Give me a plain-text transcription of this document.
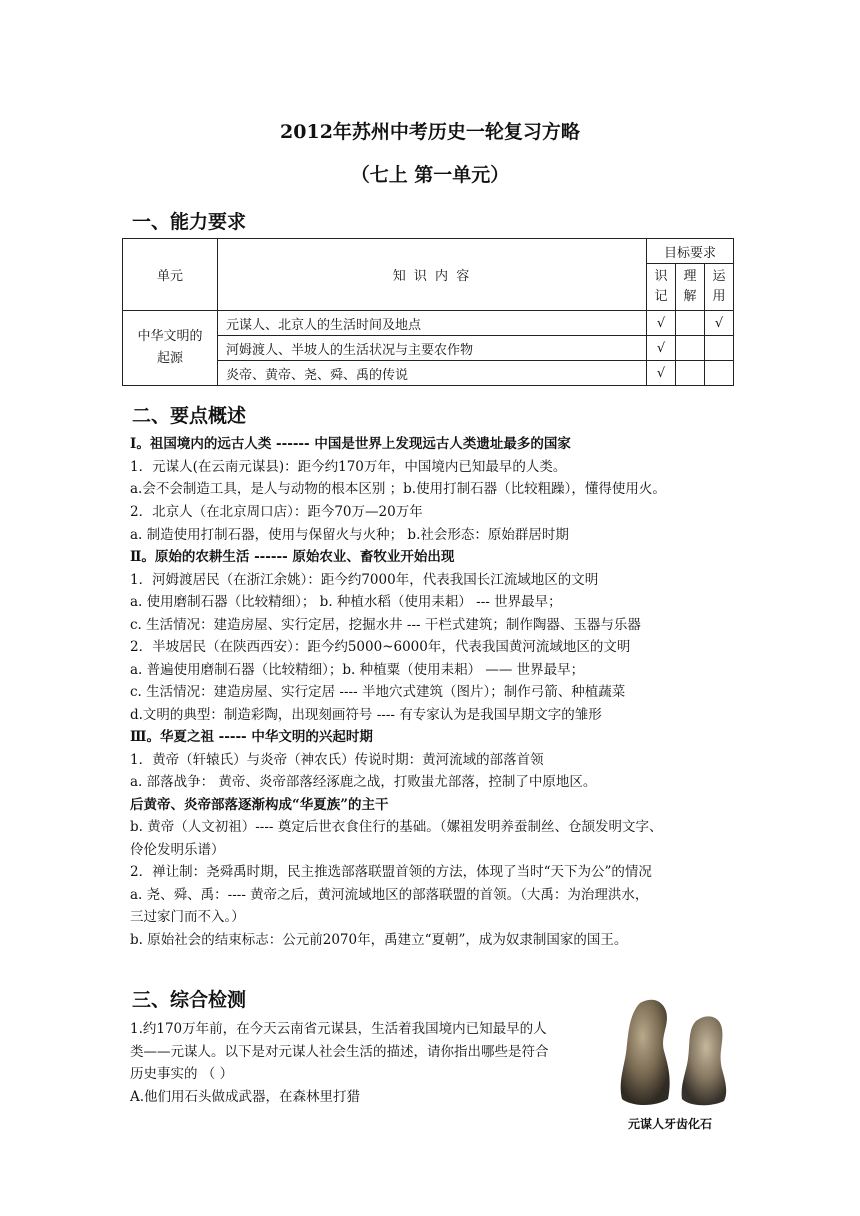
2012年苏州中考历史一轮复习方略
（七上 第一单元）
一、能力要求
单元	知 识 内 容	目标要求		
		识记	理解	运用
中华文明的起源	元谋人、北京人的生活时间及地点	√		√
	河姆渡人、半坡人的生活状况与主要农作物	√		
	炎帝、黄帝、尧、舜、禹的传说	√		
二、要点概述
Ⅰ。祖国境内的远古人类 ------ 中国是世界上发现远古人类遗址最多的国家
1．元谋人(在云南元谋县)：距今约170万年，中国境内已知最早的人类。
a.会不会制造工具，是人与动物的根本区别 ；b.使用打制石器（比较粗躁），懂得使用火。
2．北京人（在北京周口店）：距今70万—20万年
a. 制造使用打制石器，使用与保留火与火种； b.社会形态：原始群居时期
Ⅱ。原始的农耕生活 ------ 原始农业、畜牧业开始出现
1．河姆渡居民（在浙江余姚）：距今约7000年，代表我国长江流域地区的文明
a. 使用磨制石器（比较精细）； b. 种植水稻（使用耒耜） --- 世界最早；
c. 生活情况：建造房屋、实行定居，挖掘水井 --- 干栏式建筑；制作陶器、玉器与乐器
2．半坡居民（在陕西西安）：距今约5000~6000年，代表我国黄河流域地区的文明
a. 普遍使用磨制石器（比较精细）；b. 种植粟（使用耒耜） —— 世界最早；
c. 生活情况：建造房屋、实行定居 ---- 半地穴式建筑（图片）；制作弓箭、种植蔬菜
d.文明的典型：制造彩陶，出现刻画符号 ---- 有专家认为是我国早期文字的雏形
Ⅲ。华夏之祖 ----- 中华文明的兴起时期
1．黄帝（轩辕氏）与炎帝（神农氏）传说时期：黄河流域的部落首领
a. 部落战争： 黄帝、炎帝部落经涿鹿之战，打败蚩尤部落，控制了中原地区。
后黄帝、炎帝部落逐渐构成“华夏族”的主干
b. 黄帝（人文初祖）---- 奠定后世衣食住行的基础。（嫘祖发明养蚕制丝、仓颉发明文字、
伶伦发明乐谱）
2．禅让制：尧舜禹时期，民主推选部落联盟首领的方法，体现了当时“天下为公”的情况
a. 尧、舜、禹：---- 黄帝之后，黄河流域地区的部落联盟的首领。（大禹：为治理洪水，
三过家门而不入。）
b. 原始社会的结束标志：公元前2070年，禹建立“夏朝”，成为奴隶制国家的国王。
三、综合检测
1.约170万年前，在今天云南省元谋县，生活着我国境内已知最早的人
类——元谋人。以下是对元谋人社会生活的描述，请你指出哪些是符合
历史事实的 （ ）
A.他们用石头做成武器，在森林里打猎
元谋人牙齿化石
